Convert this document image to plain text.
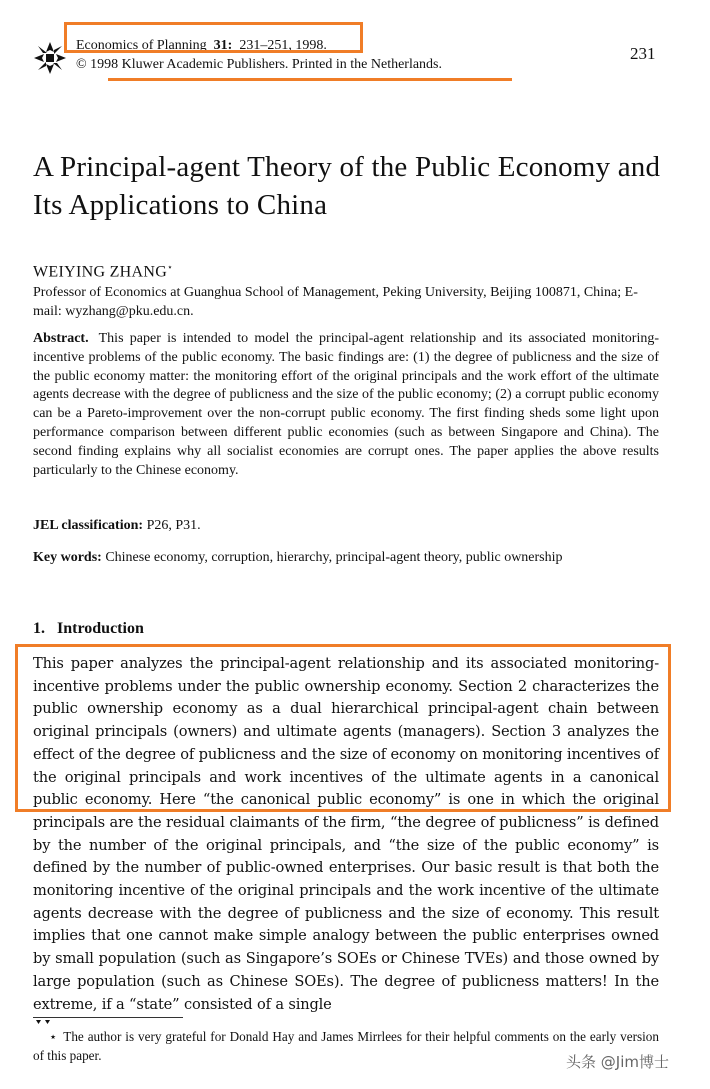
Economics of Planning 31: 231–251, 1998.
© 1998 Kluwer Academic Publishers. Printed in the Netherlands.
231
A Principal-agent Theory of the Public Economy and Its Applications to China
WEIYING ZHANG⋆
Professor of Economics at Guanghua School of Management, Peking University, Beijing 100871, China; E-mail: wyzhang@pku.edu.cn.
Abstract. This paper is intended to model the principal-agent relationship and its associated monitoring-incentive problems of the public economy. The basic findings are: (1) the degree of publicness and the size of the public economy matter: the monitoring effort of the original principals and the work effort of the ultimate agents decrease with the degree of publicness and the size of the public economy; (2) a corrupt public economy can be a Pareto-improvement over the non-corrupt public economy. The first finding sheds some light upon performance comparison between different public economies (such as between Singapore and China). The second finding explains why all socialist economies are corrupt ones. The paper applies the above results particularly to the Chinese economy.
JEL classification: P26, P31.
Key words: Chinese economy, corruption, hierarchy, principal-agent theory, public ownership
1. Introduction
This paper analyzes the principal-agent relationship and its associated monitoring-incentive problems under the public ownership economy. Section 2 characterizes the public ownership economy as a dual hierarchical principal-agent chain between original principals (owners) and ultimate agents (managers). Section 3 analyzes the effect of the degree of publicness and the size of economy on monitoring incentives of the original principals and work incentives of the ultimate agents in a canonical public economy. Here “the canonical public economy” is one in which the original principals are the residual claimants of the firm, “the degree of publicness” is defined by the number of the original principals, and “the size of the public economy” is defined by the number of public-owned enterprises. Our basic result is that both the monitoring incentive of the original principals and the work incentive of the ultimate agents decrease with the degree of publicness and the size of economy. This result implies that one cannot make simple analogy between the public enterprises owned by small population (such as Singapore’s SOEs or Chinese TVEs) and those owned by large population (such as Chinese SOEs). The degree of publicness matters! In the extreme, if a “state” consisted of a single
⋆ The author is very grateful for Donald Hay and James Mirrlees for their helpful comments on the early version of this paper.	头条 @Jim博士
